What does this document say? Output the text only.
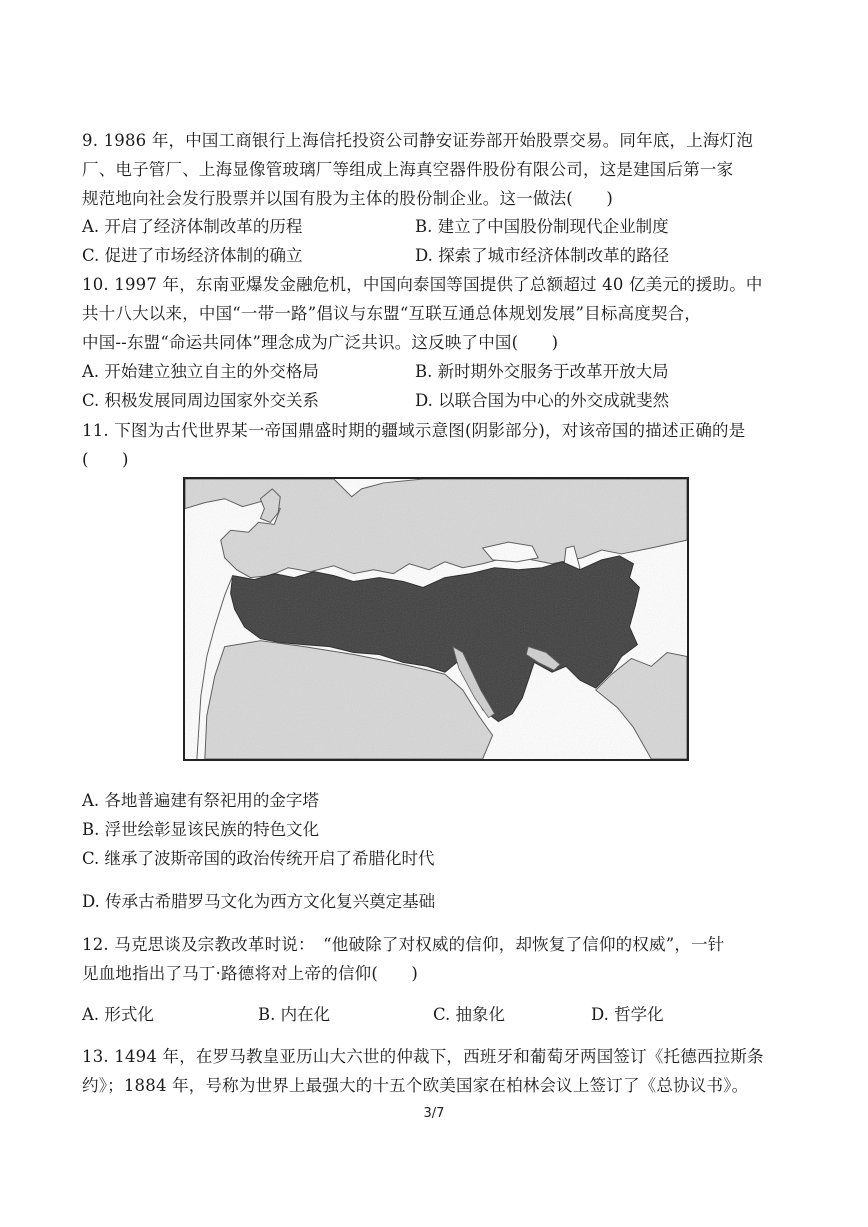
9. 1986 年，中国工商银行上海信托投资公司静安证券部开始股票交易。同年底，上海灯泡
厂、电子管厂、上海显像管玻璃厂等组成上海真空器件股份有限公司，这是建国后第一家
规范地向社会发行股票并以国有股为主体的股份制企业。这一做法(　　)
A. 开启了经济体制改革的历程	B. 建立了中国股份制现代企业制度
C. 促进了市场经济体制的确立	D. 探索了城市经济体制改革的路径
10. 1997 年，东南亚爆发金融危机，中国向泰国等国提供了总额超过 40 亿美元的援助。中
共十八大以来，中国“一带一路”倡议与东盟“互联互通总体规划发展”目标高度契合，
中国--东盟“命运共同体”理念成为广泛共识。这反映了中国(　　)
A. 开始建立独立自主的外交格局	B. 新时期外交服务于改革开放大局
C. 积极发展同周边国家外交关系	D. 以联合国为中心的外交成就斐然
11. 下图为古代世界某一帝国鼎盛时期的疆域示意图(阴影部分)，对该帝国的描述正确的是
(　　)
A. 各地普遍建有祭祀用的金字塔
B. 浮世绘彰显该民族的特色文化
C. 继承了波斯帝国的政治传统开启了希腊化时代
D. 传承古希腊罗马文化为西方文化复兴奠定基础
12. 马克思谈及宗教改革时说：　“他破除了对权威的信仰，却恢复了信仰的权威”，一针
见血地指出了马丁·路德将对上帝的信仰(　　)
A. 形式化	B. 内在化	C. 抽象化	D. 哲学化
13. 1494 年，在罗马教皇亚历山大六世的仲裁下，西班牙和葡萄牙两国签订《托德西拉斯条
约》；1884 年，号称为世界上最强大的十五个欧美国家在柏林会议上签订了《总协议书》。
3/7
